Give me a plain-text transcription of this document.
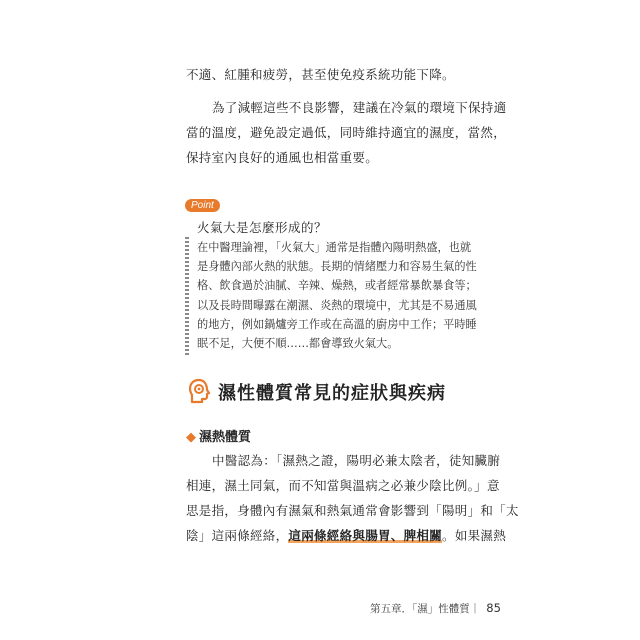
不適、紅腫和疲勞，甚至使免疫系統功能下降。
為了減輕這些不良影響，建議在冷氣的環境下保持適
當的溫度，避免設定過低，同時維持適宜的濕度，當然，
保持室內良好的通風也相當重要。
Point
火氣大是怎麼形成的？
在中醫理論裡，「火氣大」通常是指體內陽明熱盛，也就
是身體內部火熱的狀態。長期的情緒壓力和容易生氣的性
格、飲食過於油膩、辛辣、燥熱，或者經常暴飲暴食等；
以及長時間曝露在潮濕、炎熱的環境中，尤其是不易通風
的地方，例如鍋爐旁工作或在高溫的廚房中工作；平時睡
眠不足，大便不順……都會導致火氣大。
濕性體質常見的症狀與疾病
◆ 濕熱體質
中醫認為：「濕熱之證，陽明必兼太陰者，徒知臟腑
相連，濕土同氣，而不知當與溫病之必兼少陰比例。」意
思是指，身體內有濕氣和熱氣通常會影響到「陽明」和「太
陰」這兩條經絡，這兩條經絡與腸胃、脾相關。如果濕熱
第五章．「濕」性體質｜ 85
